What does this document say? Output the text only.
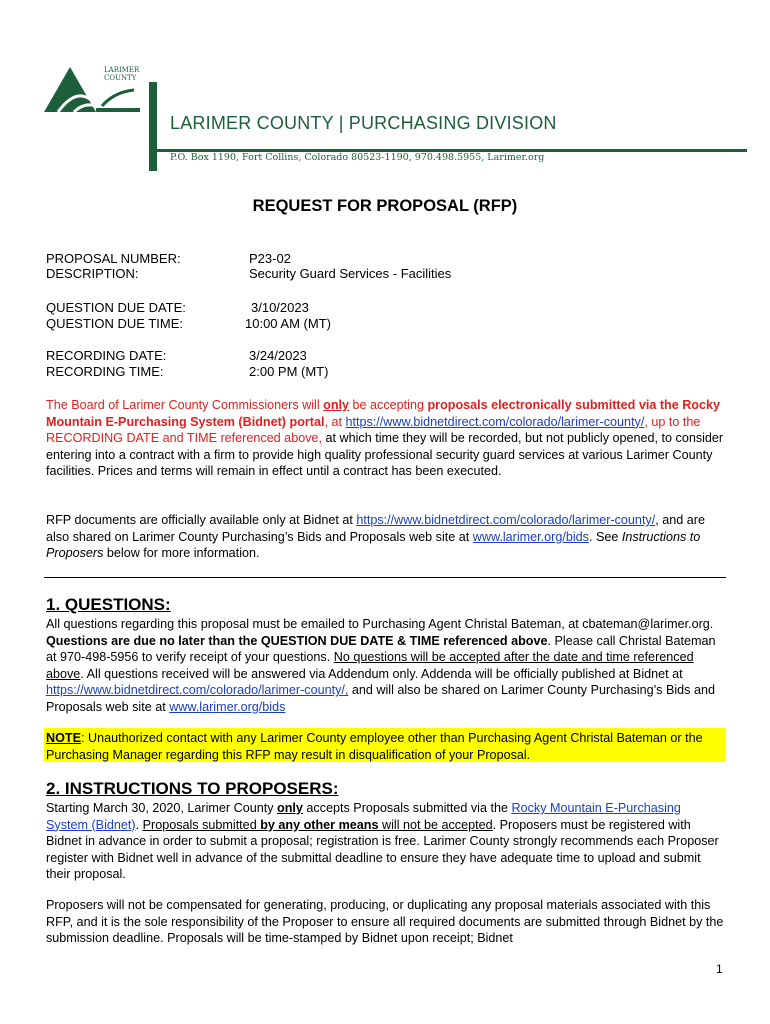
LARIMER COUNTY
LARIMER COUNTY | PURCHASING DIVISION
P.O. Box 1190, Fort Collins, Colorado 80523-1190, 970.498.5955, Larimer.org
REQUEST FOR PROPOSAL (RFP)
PROPOSAL NUMBER:	P23-02
DESCRIPTION:	Security Guard Services - Facilities
QUESTION DUE DATE:	3/10/2023
QUESTION DUE TIME:	10:00 AM (MT)
RECORDING DATE:	3/24/2023
RECORDING TIME:	2:00 PM (MT)
The Board of Larimer County Commissioners will only be accepting proposals electronically submitted via the Rocky Mountain E-Purchasing System (Bidnet) portal, at https://www.bidnetdirect.com/colorado/larimer-county/, up to the RECORDING DATE and TIME referenced above, at which time they will be recorded, but not publicly opened, to consider entering into a contract with a firm to provide high quality professional security guard services at various Larimer County facilities. Prices and terms will remain in effect until a contract has been executed.
RFP documents are officially available only at Bidnet at https://www.bidnetdirect.com/colorado/larimer-county/, and are also shared on Larimer County Purchasing’s Bids and Proposals web site at www.larimer.org/bids. See Instructions to Proposers below for more information.
1. QUESTIONS:
All questions regarding this proposal must be emailed to Purchasing Agent Christal Bateman, at cbateman@larimer.org. Questions are due no later than the QUESTION DUE DATE & TIME referenced above. Please call Christal Bateman at 970-498-5956 to verify receipt of your questions. No questions will be accepted after the date and time referenced above. All questions received will be answered via Addendum only. Addenda will be officially published at Bidnet at https://www.bidnetdirect.com/colorado/larimer-county/, and will also be shared on Larimer County Purchasing’s Bids and Proposals web site at www.larimer.org/bids
NOTE: Unauthorized contact with any Larimer County employee other than Purchasing Agent Christal Bateman or the Purchasing Manager regarding this RFP may result in disqualification of your Proposal.
2. INSTRUCTIONS TO PROPOSERS:
Starting March 30, 2020, Larimer County only accepts Proposals submitted via the Rocky Mountain E-Purchasing System (Bidnet). Proposals submitted by any other means will not be accepted. Proposers must be registered with Bidnet in advance in order to submit a proposal; registration is free. Larimer County strongly recommends each Proposer register with Bidnet well in advance of the submittal deadline to ensure they have adequate time to upload and submit their proposal.
Proposers will not be compensated for generating, producing, or duplicating any proposal materials associated with this RFP, and it is the sole responsibility of the Proposer to ensure all required documents are submitted through Bidnet by the submission deadline. Proposals will be time-stamped by Bidnet upon receipt; Bidnet
1
